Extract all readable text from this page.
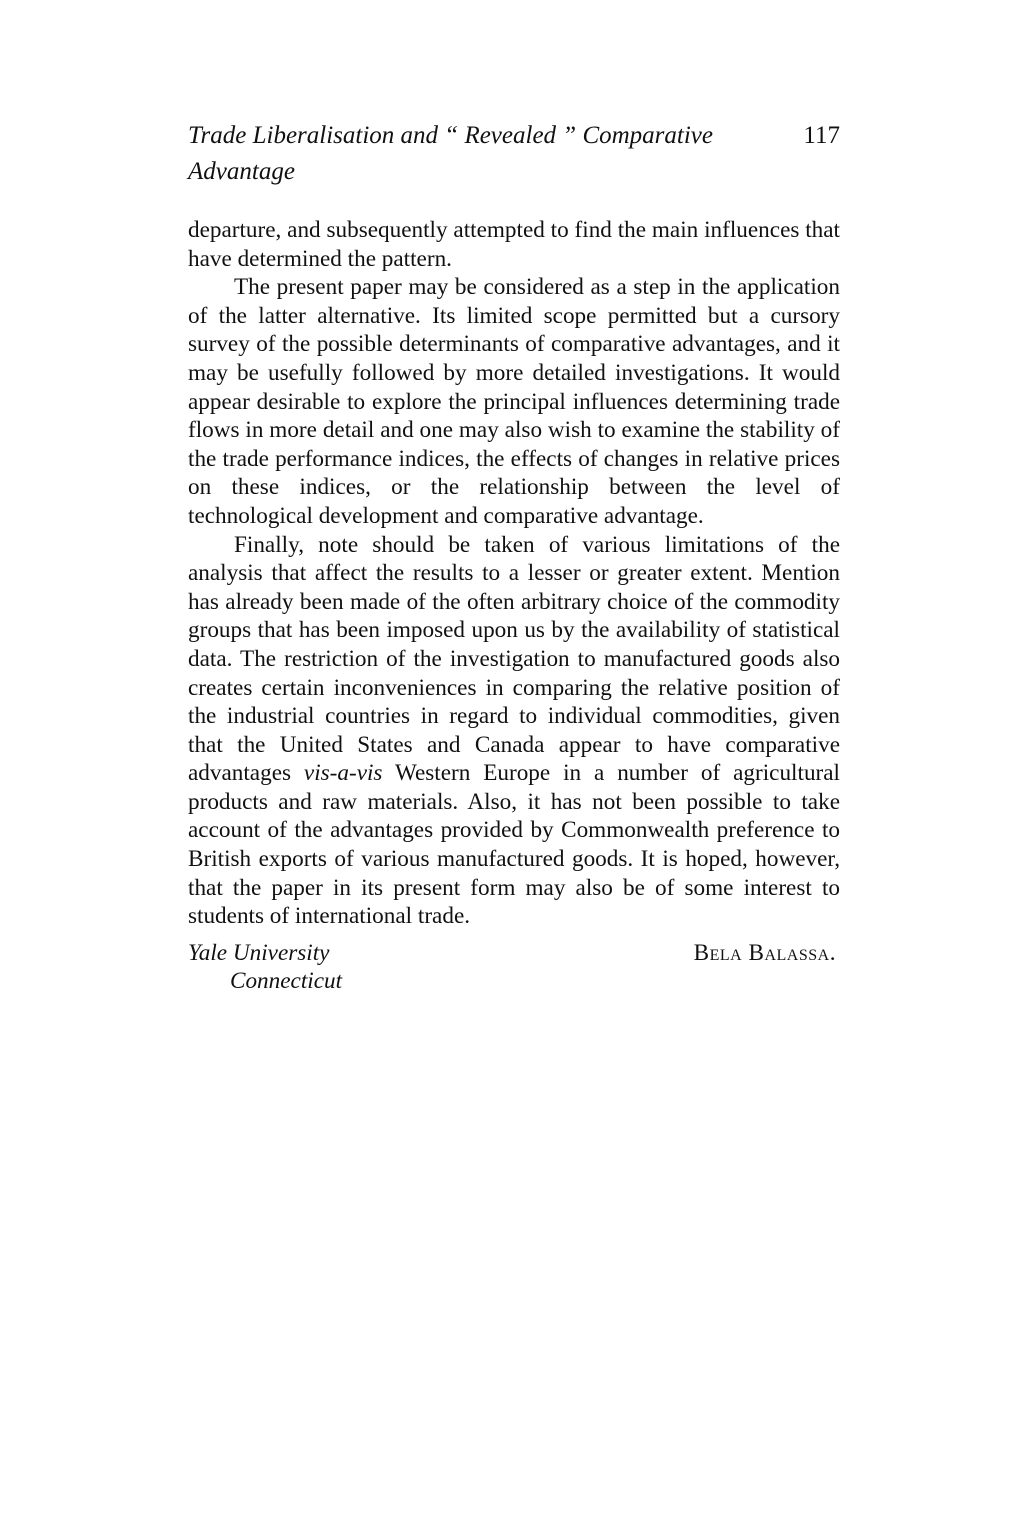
Trade Liberalisation and “ Revealed ” Comparative Advantage
117

departure, and subsequently attempted to find the main influences that have determined the pattern.

The present paper may be considered as a step in the application of the latter alternative. Its limited scope permitted but a cursory survey of the possible determinants of comparative advantages, and it may be usefully followed by more detailed investigations. It would appear desirable to explore the principal influences determining trade flows in more detail and one may also wish to examine the stability of the trade performance indices, the effects of changes in relative prices on these indices, or the relationship between the level of technological development and comparative advantage.

Finally, note should be taken of various limitations of the analysis that affect the results to a lesser or greater extent. Mention has already been made of the often arbitrary choice of the commodity groups that has been imposed upon us by the availability of statistical data. The restriction of the investigation to manufactured goods also creates certain inconveniences in comparing the relative position of the industrial countries in regard to individual commodities, given that the United States and Canada appear to have comparative advantages vis-a-vis Western Europe in a number of agricultural products and raw materials. Also, it has not been possible to take account of the advantages provided by Commonwealth preference to British exports of various manufactured goods. It is hoped, however, that the paper in its present form may also be of some interest to students of international trade.

Yale University
Connecticut
Bela Balassa.
